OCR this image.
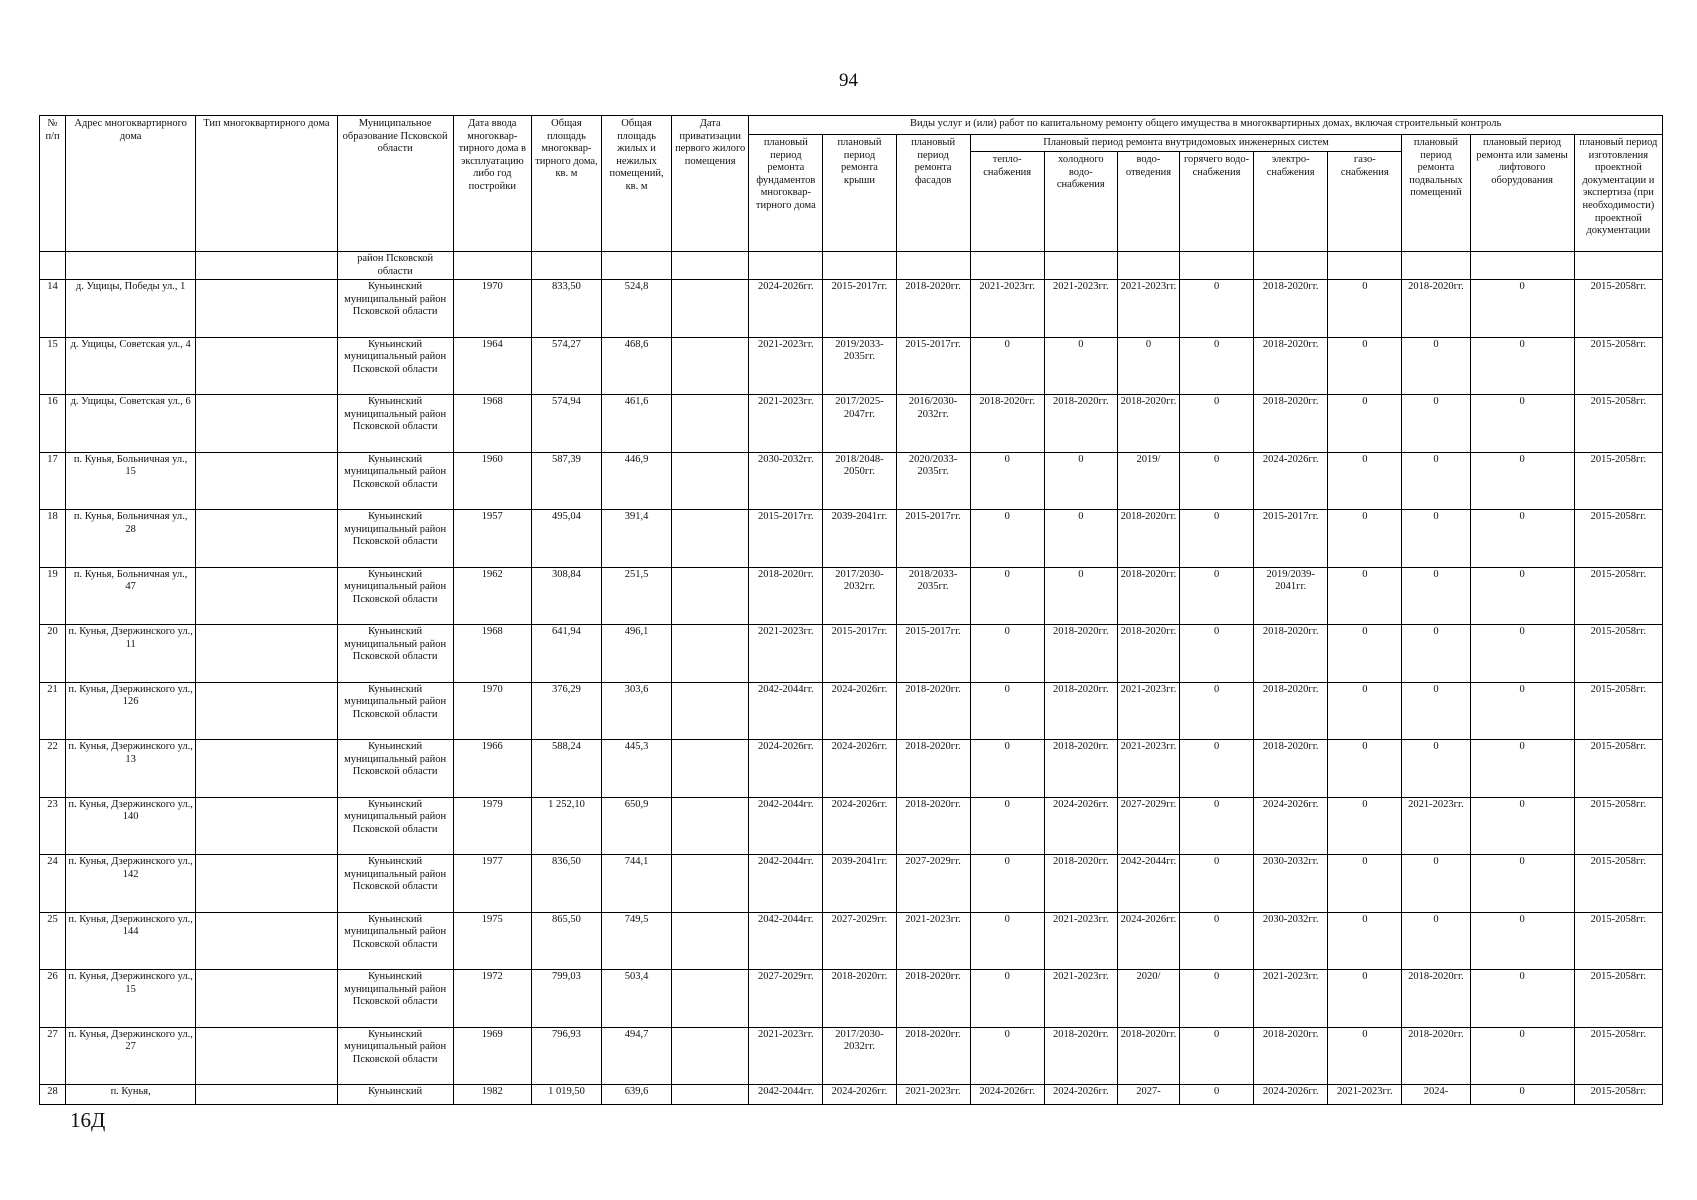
94
№ п/п	Адрес многоквартирного дома	Тип многоквартирного дома	Муниципальное образование Псковской области	Дата ввода многоквар-тирного дома в эксплуатацию либо год постройки	Общая площадь многоквар-тирного дома, кв. м	Общая площадь жилых и нежилых помещений, кв. м	Дата приватизации первого жилого помещения	Виды услуг и (или) работ по капитальному ремонту общего имущества в многоквартирных домах, включая строительный контроль											
								плановый период ремонта фундаментов многоквар-тирного дома	плановый период ремонта крыши	плановый период ремонта фасадов	Плановый период ремонта внутридомовых инженерных систем						плановый период ремонта подвальных помещений	плановый период ремонта или замены лифтового оборудования	плановый период изготовления проектной документации и экспертиза (при необходимости) проектной документации
											тепло-снабжения	холодного водо-снабжения	водо-отведения	горячего водо-снабжения	электро-снабжения	газо-снабжения			
			район Псковской области																
14	д. Ущицы, Победы ул., 1		Куньинский муниципальный район Псковской области	1970	833,50	524,8		2024-2026гг.	2015-2017гг.	2018-2020гг.	2021-2023гг.	2021-2023гг.	2021-2023гг.	0	2018-2020гг.	0	2018-2020гг.	0	2015-2058гг.
15	д. Ущицы, Советская ул., 4		Куньинский муниципальный район Псковской области	1964	574,27	468,6		2021-2023гг.	2019/2033-2035гг.	2015-2017гг.	0	0	0	0	2018-2020гг.	0	0	0	2015-2058гг.
16	д. Ущицы, Советская ул., 6		Куньинский муниципальный район Псковской области	1968	574,94	461,6		2021-2023гг.	2017/2025-2047гг.	2016/2030-2032гг.	2018-2020гг.	2018-2020гг.	2018-2020гг.	0	2018-2020гг.	0	0	0	2015-2058гг.
17	п. Кунья, Больничная ул., 15		Куньинский муниципальный район Псковской области	1960	587,39	446,9		2030-2032гг.	2018/2048-2050гг.	2020/2033-2035гг.	0	0	2019/	0	2024-2026гг.	0	0	0	2015-2058гг.
18	п. Кунья, Больничная ул., 28		Куньинский муниципальный район Псковской области	1957	495,04	391,4		2015-2017гг.	2039-2041гг.	2015-2017гг.	0	0	2018-2020гг.	0	2015-2017гг.	0	0	0	2015-2058гг.
19	п. Кунья, Больничная ул., 47		Куньинский муниципальный район Псковской области	1962	308,84	251,5		2018-2020гг.	2017/2030-2032гг.	2018/2033-2035гг.	0	0	2018-2020гг.	0	2019/2039-2041гг.	0	0	0	2015-2058гг.
20	п. Кунья, Дзержинского ул., 11		Куньинский муниципальный район Псковской области	1968	641,94	496,1		2021-2023гг.	2015-2017гг.	2015-2017гг.	0	2018-2020гг.	2018-2020гг.	0	2018-2020гг.	0	0	0	2015-2058гг.
21	п. Кунья, Дзержинского ул., 126		Куньинский муниципальный район Псковской области	1970	376,29	303,6		2042-2044гг.	2024-2026гг.	2018-2020гг.	0	2018-2020гг.	2021-2023гг.	0	2018-2020гг.	0	0	0	2015-2058гг.
22	п. Кунья, Дзержинского ул., 13		Куньинский муниципальный район Псковской области	1966	588,24	445,3		2024-2026гг.	2024-2026гг.	2018-2020гг.	0	2018-2020гг.	2021-2023гг.	0	2018-2020гг.	0	0	0	2015-2058гг.
23	п. Кунья, Дзержинского ул., 140		Куньинский муниципальный район Псковской области	1979	1 252,10	650,9		2042-2044гг.	2024-2026гг.	2018-2020гг.	0	2024-2026гг.	2027-2029гг.	0	2024-2026гг.	0	2021-2023гг.	0	2015-2058гг.
24	п. Кунья, Дзержинского ул., 142		Куньинский муниципальный район Псковской области	1977	836,50	744,1		2042-2044гг.	2039-2041гг.	2027-2029гг.	0	2018-2020гг.	2042-2044гг.	0	2030-2032гг.	0	0	0	2015-2058гг.
25	п. Кунья, Дзержинского ул., 144		Куньинский муниципальный район Псковской области	1975	865,50	749,5		2042-2044гг.	2027-2029гг.	2021-2023гг.	0	2021-2023гг.	2024-2026гг.	0	2030-2032гг.	0	0	0	2015-2058гг.
26	п. Кунья, Дзержинского ул., 15		Куньинский муниципальный район Псковской области	1972	799,03	503,4		2027-2029гг.	2018-2020гг.	2018-2020гг.	0	2021-2023гг.	2020/	0	2021-2023гг.	0	2018-2020гг.	0	2015-2058гг.
27	п. Кунья, Дзержинского ул., 27		Куньинский муниципальный район Псковской области	1969	796,93	494,7		2021-2023гг.	2017/2030-2032гг.	2018-2020гг.	0	2018-2020гг.	2018-2020гг.	0	2018-2020гг.	0	2018-2020гг.	0	2015-2058гг.
28	п. Кунья,		Куньинский	1982	1 019,50	639,6		2042-2044гг.	2024-2026гг.	2021-2023гг.	2024-2026гг.	2024-2026гг.	2027-	0	2024-2026гг.	2021-2023гг.	2024-	0	2015-2058гг.
16Д
